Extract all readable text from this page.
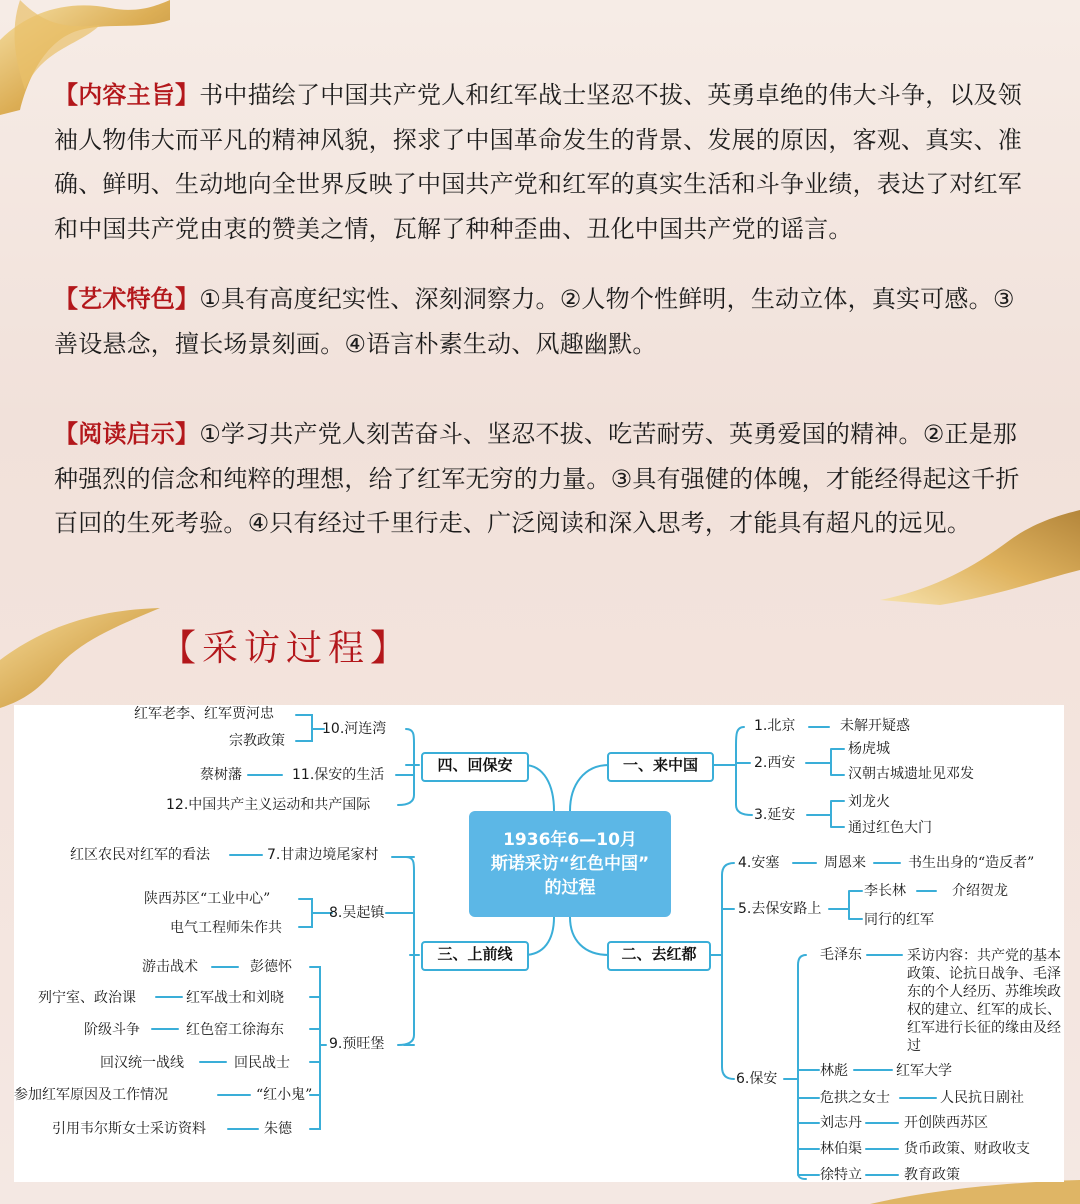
【内容主旨】书中描绘了中国共产党人和红军战士坚忍不拔、英勇卓绝的伟大斗争，以及领袖人物伟大而平凡的精神风貌，探求了中国革命发生的背景、发展的原因，客观、真实、准确、鲜明、生动地向全世界反映了中国共产党和红军的真实生活和斗争业绩，表达了对红军和中国共产党由衷的赞美之情，瓦解了种种歪曲、丑化中国共产党的谣言。
【艺术特色】①具有高度纪实性、深刻洞察力。②人物个性鲜明，生动立体，真实可感。③善设悬念，擅长场景刻画。④语言朴素生动、风趣幽默。
【阅读启示】①学习共产党人刻苦奋斗、坚忍不拔、吃苦耐劳、英勇爱国的精神。②正是那种强烈的信念和纯粹的理想，给了红军无穷的力量。③具有强健的体魄，才能经得起这千折百回的生死考验。④只有经过千里行走、广泛阅读和深入思考，才能具有超凡的远见。
【采访过程】
1936年6—10月
斯诺采访“红色中国”
的过程
一、来中国
二、去红都
三、上前线
四、回保安
1.北京	未解开疑惑
2.西安
杨虎城
汉朝古城遗址见邓发
3.延安
刘龙火
通过红色大门
4.安塞	周恩来	书生出身的“造反者”
5.去保安路上
李长林	介绍贺龙
同行的红军
6.保安
毛泽东	采访内容：共产党的基本政策、论抗日战争、毛泽东的个人经历、苏维埃政权的建立、红军的成长、红军进行长征的缘由及经过
林彪	红军大学
危拱之女士	人民抗日剧社
刘志丹	开创陕西苏区
林伯渠	货币政策、财政收支
徐特立	教育政策
10.河连湾
红军老李、红军贾河忠
宗教政策
11.保安的生活
蔡树藩
12.中国共产主义运动和共产国际
7.甘肃边境尾家村
红区农民对红军的看法
8.吴起镇
陕西苏区“工业中心”
电气工程师朱作共
9.预旺堡
彭德怀
游击战术
红军战士和刘晓
列宁室、政治课
红色窑工徐海东
阶级斗争
回民战士
回汉统一战线
“红小鬼”
参加红军原因及工作情况
朱德
引用韦尔斯女士采访资料
